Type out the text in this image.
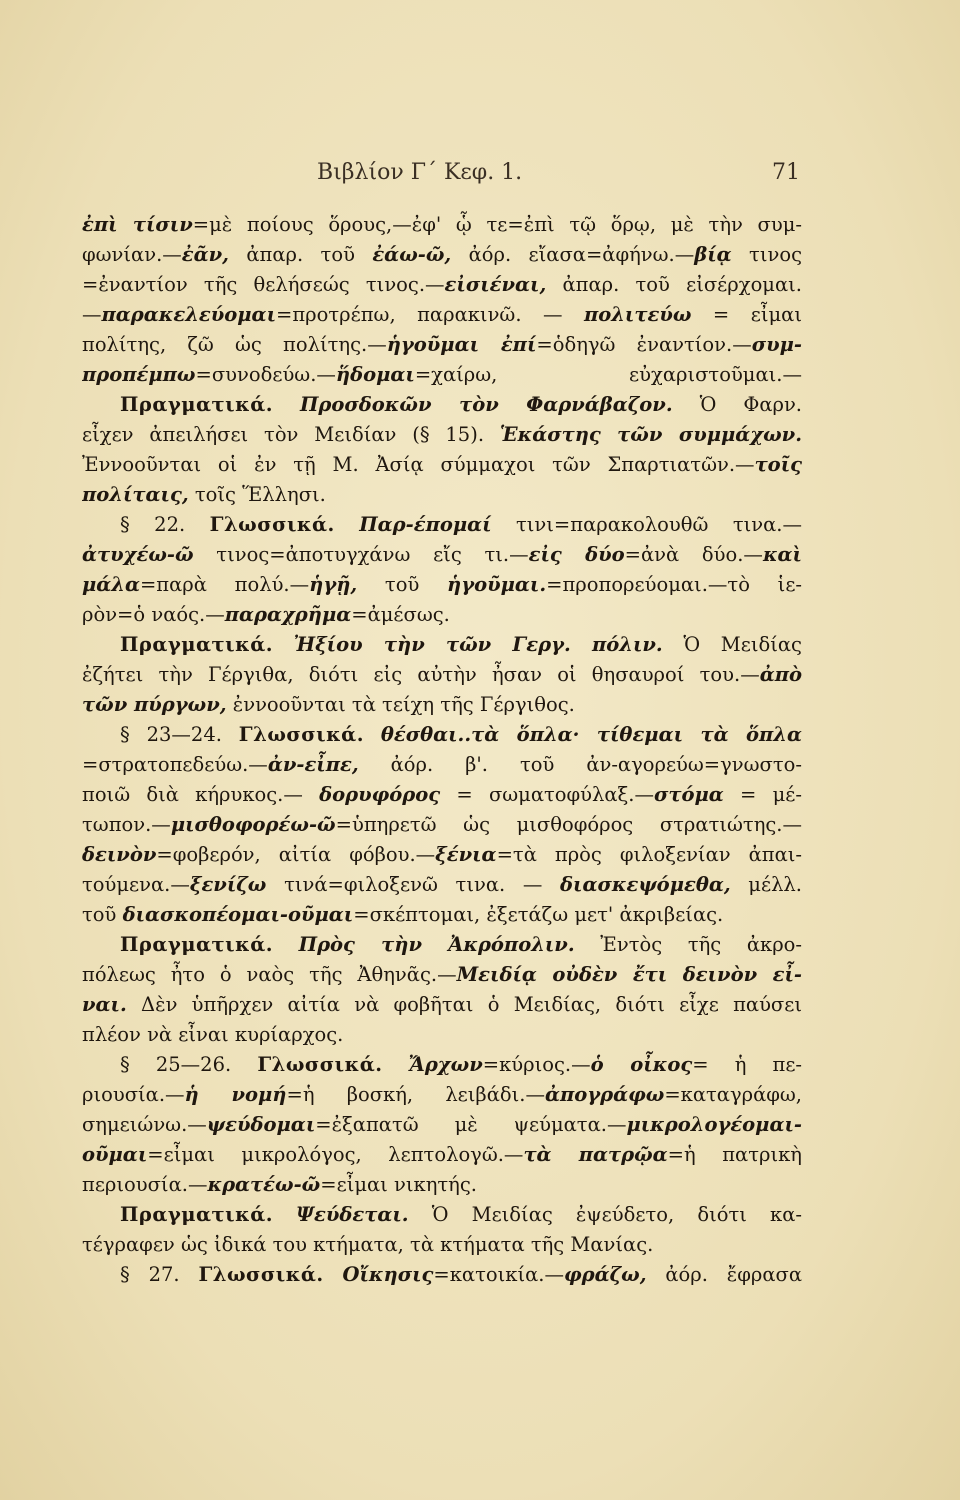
Βιβλίον Γ΄ Κεφ. 1.	71
ἐπὶ τίσιν=μὲ ποίους ὅρους,—ἐφ' ᾧ τε=ἐπὶ τῷ ὅρῳ, μὲ τὴν συμ-
φωνίαν.—ἐᾶν, ἀπαρ. τοῦ ἐάω-ῶ, ἀόρ. εἴασα=ἀφήνω.—βίᾳ τινος
=ἐναντίον τῆς θελήσεώς τινος.—εἰσιέναι, ἀπαρ. τοῦ εἰσέρχομαι.
—παρακελεύομαι=προτρέπω, παρακινῶ. — πολιτεύω = εἶμαι
πολίτης, ζῶ ὡς πολίτης.—ἡγοῦμαι ἐπί=ὁδηγῶ ἐναντίον.—συμ-
προπέμπω=συνοδεύω.—ἥδομαι=χαίρω, εὐχαριστοῦμαι.—
Πραγματικά. Προσδοκῶν τὸν Φαρνάβαζον. Ὁ Φαρν.
εἶχεν ἀπειλήσει τὸν Μειδίαν (§ 15). Ἑκάστης τῶν συμμάχων.
Ἐννοοῦνται οἱ ἐν τῇ Μ. Ἀσίᾳ σύμμαχοι τῶν Σπαρτιατῶν.—τοῖς
πολίταις, τοῖς Ἕλλησι.
§ 22. Γλωσσικά. Παρ-έπομαί τινι=παρακολουθῶ τινα.—
ἀτυχέω-ῶ τινος=ἀποτυγχάνω εἴς τι.—εἰς δύο=ἀνὰ δύο.—καὶ
μάλα=παρὰ πολύ.—ἡγῇ, τοῦ ἡγοῦμαι.=προπορεύομαι.—τὸ ἱε-
ρὸν=ὁ ναός.—παραχρῆμα=ἀμέσως.
Πραγματικά. Ἠξίου τὴν τῶν Γεργ. πόλιν. Ὁ Μειδίας
ἐζήτει τὴν Γέργιθα, διότι εἰς αὐτὴν ἦσαν οἱ θησαυροί του.—ἀπὸ
τῶν πύργων, ἐννοοῦνται τὰ τείχη τῆς Γέργιθος.
§ 23—24. Γλωσσικά. θέσθαι..τὰ ὅπλα· τίθεμαι τὰ ὅπλα
=στρατοπεδεύω.—ἀν-εἶπε, ἀόρ. β'. τοῦ ἀν-αγορεύω=γνωστο-
ποιῶ διὰ κήρυκος.— δορυφόρος = σωματοφύλαξ.—στόμα = μέ-
τωπον.—μισθοφορέω-ῶ=ὑπηρετῶ ὡς μισθοφόρος στρατιώτης.—
δεινὸν=φοβερόν, αἰτία φόβου.—ξένια=τὰ πρὸς φιλοξενίαν ἀπαι-
τούμενα.—ξενίζω τινά=φιλοξενῶ τινα. — διασκεψόμεθα, μέλλ.
τοῦ διασκοπέομαι-οῦμαι=σκέπτομαι, ἐξετάζω μετ' ἀκριβείας.
Πραγματικά. Πρὸς τὴν Ἀκρόπολιν. Ἐντὸς τῆς ἀκρο-
πόλεως ἦτο ὁ ναὸς τῆς Ἀθηνᾶς.—Μειδίᾳ οὐδὲν ἔτι δεινὸν εἶ-
ναι. Δὲν ὑπῆρχεν αἰτία νὰ φοβῆται ὁ Μειδίας, διότι εἶχε παύσει
πλέον νὰ εἶναι κυρίαρχος.
§ 25—26. Γλωσσικά. Ἄρχων=κύριος.—ὁ οἶκος= ἡ πε-
ριουσία.—ἡ νομή=ἡ βοσκή, λειβάδι.—ἀπογράφω=καταγράφω,
σημειώνω.—ψεύδομαι=ἐξαπατῶ μὲ ψεύματα.—μικρολογέομαι-
οῦμαι=εἶμαι μικρολόγος, λεπτολογῶ.—τὰ πατρῷα=ἡ πατρικὴ
περιουσία.—κρατέω-ῶ=εἶμαι νικητής.
Πραγματικά. Ψεύδεται. Ὁ Μειδίας ἐψεύδετο, διότι κα-
τέγραφεν ὡς ἰδικά του κτήματα, τὰ κτήματα τῆς Μανίας.
§ 27. Γλωσσικά. Οἴκησις=κατοικία.—φράζω, ἀόρ. ἔφρασα
